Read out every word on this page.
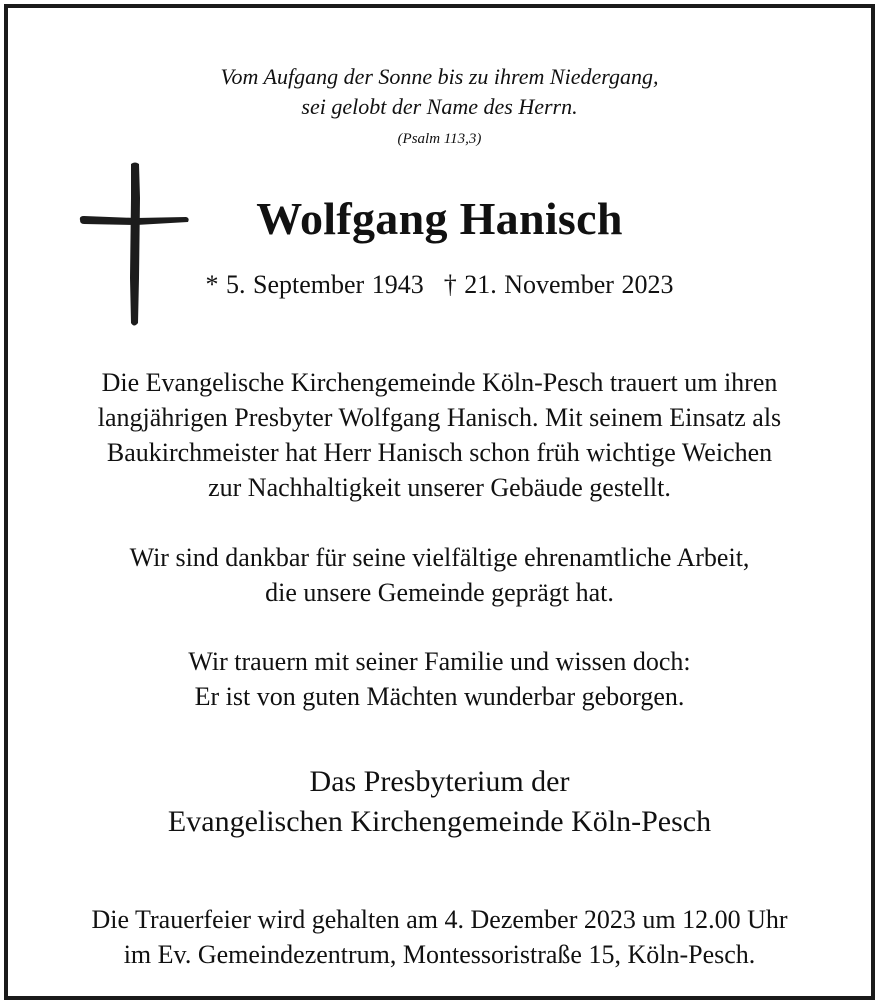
Vom Aufgang der Sonne bis zu ihrem Niedergang,
sei gelobt der Name des Herrn.
(Psalm 113,3)
Wolfgang Hanisch
* 5. September 1943 † 21. November 2023
Die Evangelische Kirchengemeinde Köln-Pesch trauert um ihren
langjährigen Presbyter Wolfgang Hanisch. Mit seinem Einsatz als
Baukirchmeister hat Herr Hanisch schon früh wichtige Weichen
zur Nachhaltigkeit unserer Gebäude gestellt.
Wir sind dankbar für seine vielfältige ehrenamtliche Arbeit,
die unsere Gemeinde geprägt hat.
Wir trauern mit seiner Familie und wissen doch:
Er ist von guten Mächten wunderbar geborgen.
Das Presbyterium der
Evangelischen Kirchengemeinde Köln-Pesch
Die Trauerfeier wird gehalten am 4. Dezember 2023 um 12.00 Uhr
im Ev. Gemeindezentrum, Montessoristraße 15, Köln-Pesch.
